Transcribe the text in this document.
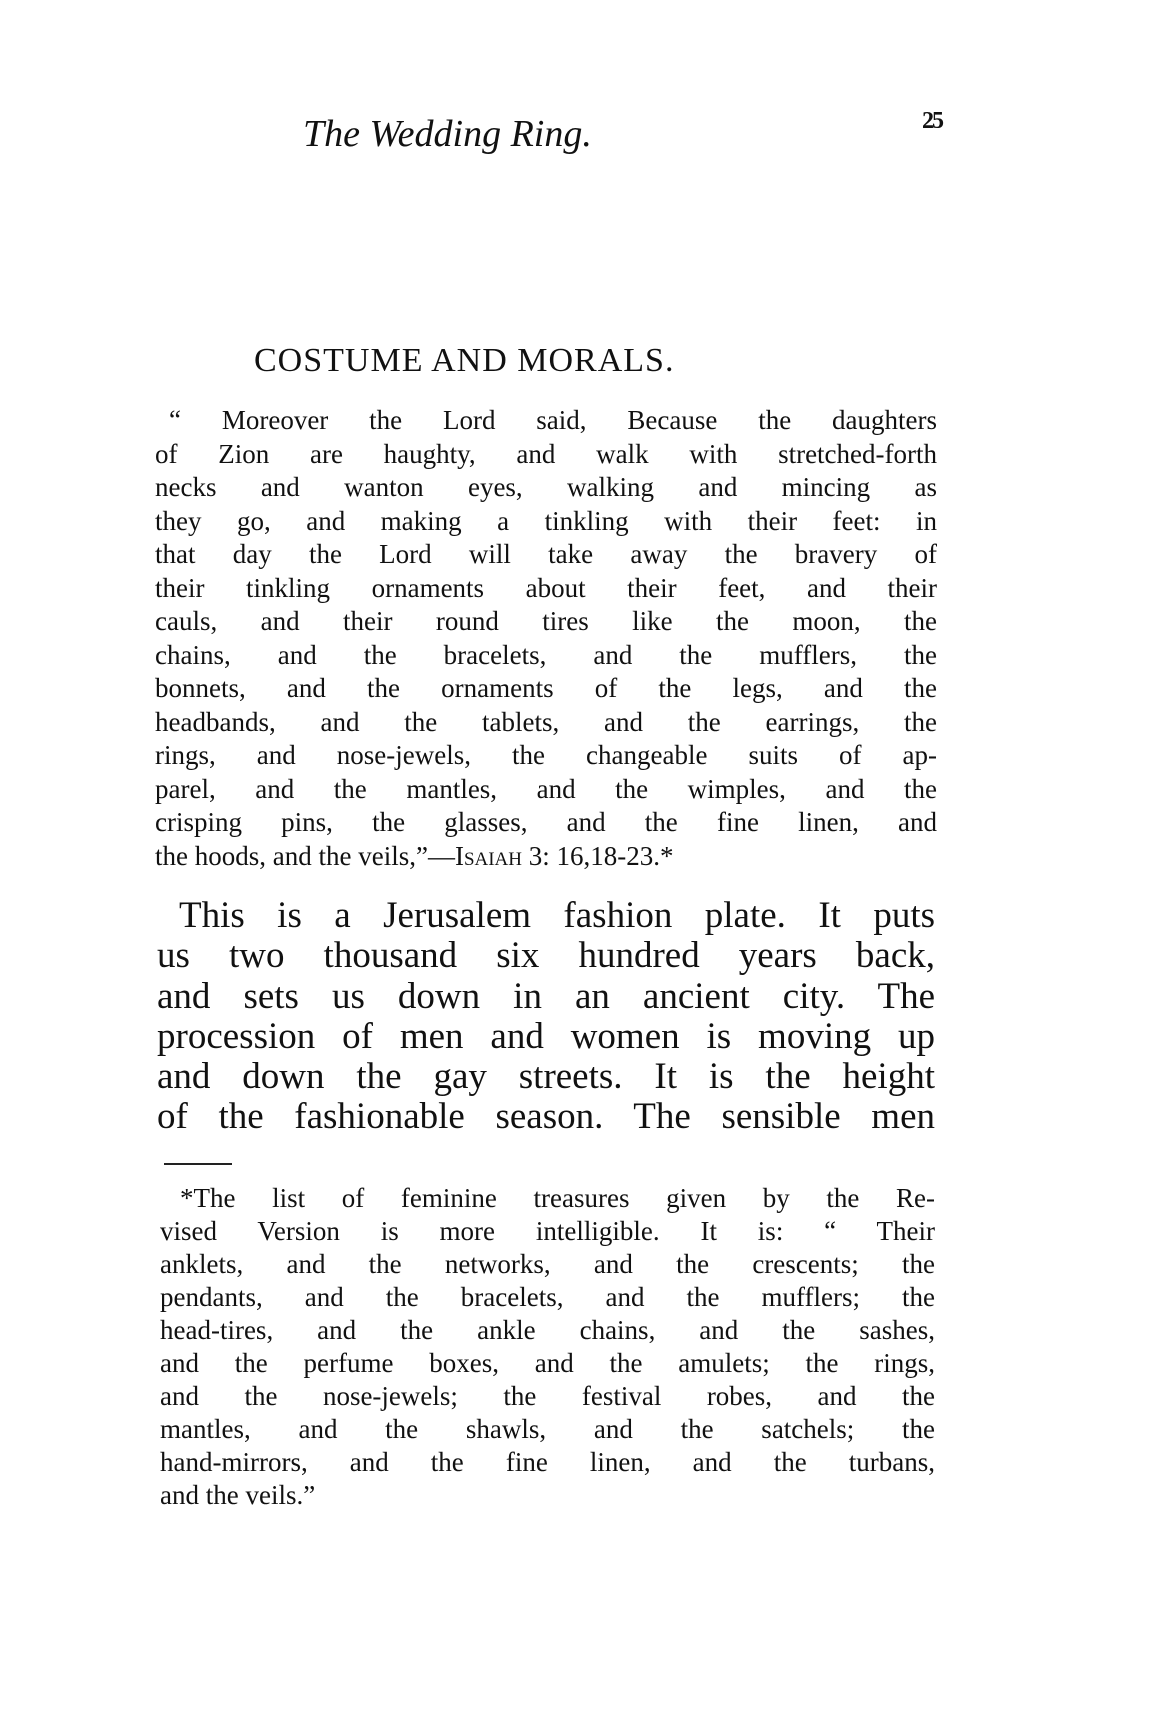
The Wedding Ring.	25
COSTUME AND MORALS.
“ Moreover the Lord said, Because the daughters
of Zion are haughty, and walk with stretched-forth
necks and wanton eyes, walking and mincing as
they go, and making a tinkling with their feet: in
that day the Lord will take away the bravery of
their tinkling ornaments about their feet, and their
cauls, and their round tires like the moon, the
chains, and the bracelets, and the mufflers, the
bonnets, and the ornaments of the legs, and the
headbands, and the tablets, and the earrings, the
rings, and nose-jewels, the changeable suits of ap-
parel, and the mantles, and the wimples, and the
crisping pins, the glasses, and the fine linen, and
the hoods, and the veils,”—Isaiah 3: 16,18-23.*
This is a Jerusalem fashion plate. It puts
us two thousand six hundred years back,
and sets us down in an ancient city. The
procession of men and women is moving up
and down the gay streets. It is the height
of the fashionable season. The sensible men
*The list of feminine treasures given by the Re-
vised Version is more intelligible. It is: “ Their
anklets, and the networks, and the crescents; the
pendants, and the bracelets, and the mufflers; the
head-tires, and the ankle chains, and the sashes,
and the perfume boxes, and the amulets; the rings,
and the nose-jewels; the festival robes, and the
mantles, and the shawls, and the satchels; the
hand-mirrors, and the fine linen, and the turbans,
and the veils.”
